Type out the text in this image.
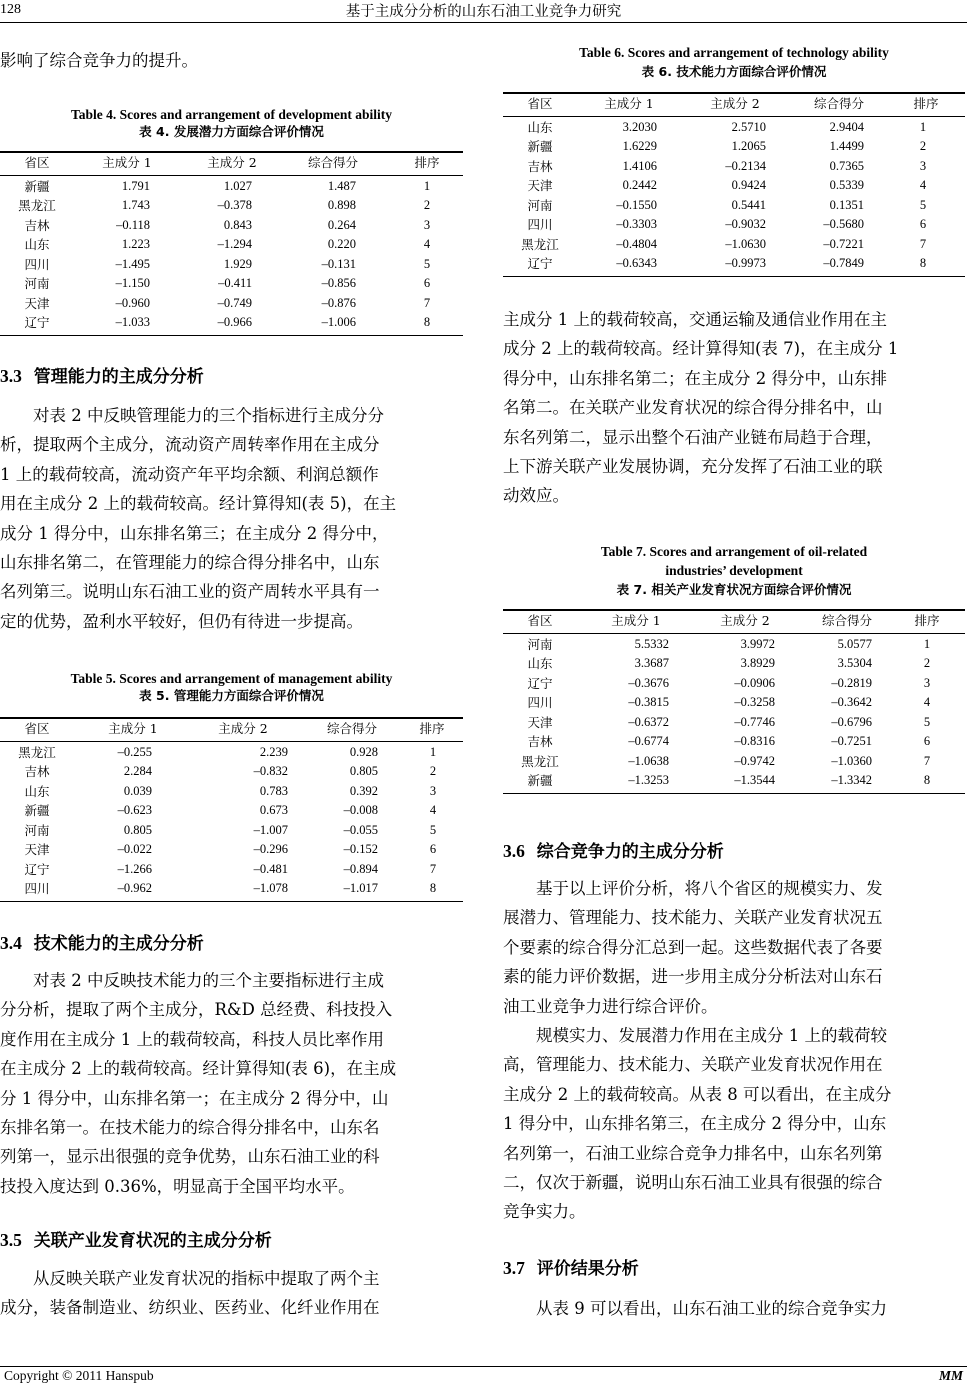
128	基于主成分分析的山东石油工业竞争力研究
影响了综合竞争力的提升。
Table 4. Scores and arrangement of development ability
表 4. 发展潜力方面综合评价情况
省区	主成分 1	主成分 2	综合得分	排序
新疆	1.791	1.027	1.487	1
黑龙江	1.743	–0.378	0.898	2
吉林	–0.118	0.843	0.264	3
山东	1.223	–1.294	0.220	4
四川	–1.495	1.929	–0.131	5
河南	–1.150	–0.411	–0.856	6
天津	–0.960	–0.749	–0.876	7
辽宁	–1.033	–0.966	–1.006	8
3.3 管理能力的主成分分析
对表 2 中反映管理能力的三个指标进行主成分分
析，提取两个主成分，流动资产周转率作用在主成分
1 上的载荷较高，流动资产年平均余额、利润总额作
用在主成分 2 上的载荷较高。经计算得知(表 5)，在主
成分 1 得分中，山东排名第三；在主成分 2 得分中，
山东排名第二，在管理能力的综合得分排名中，山东
名列第三。说明山东石油工业的资产周转水平具有一
定的优势，盈利水平较好，但仍有待进一步提高。
Table 5. Scores and arrangement of management ability
表 5. 管理能力方面综合评价情况
省区	主成分 1	主成分 2	综合得分	排序
黑龙江	–0.255	2.239	0.928	1
吉林	2.284	–0.832	0.805	2
山东	0.039	0.783	0.392	3
新疆	–0.623	0.673	–0.008	4
河南	0.805	–1.007	–0.055	5
天津	–0.022	–0.296	–0.152	6
辽宁	–1.266	–0.481	–0.894	7
四川	–0.962	–1.078	–1.017	8
3.4 技术能力的主成分分析
对表 2 中反映技术能力的三个主要指标进行主成
分分析，提取了两个主成分，R&D 总经费、科技投入
度作用在主成分 1 上的载荷较高，科技人员比率作用
在主成分 2 上的载荷较高。经计算得知(表 6)，在主成
分 1 得分中，山东排名第一；在主成分 2 得分中，山
东排名第一。在技术能力的综合得分排名中，山东名
列第一，显示出很强的竞争优势，山东石油工业的科
技投入度达到 0.36%，明显高于全国平均水平。
3.5 关联产业发育状况的主成分分析
从反映关联产业发育状况的指标中提取了两个主
成分，装备制造业、纺织业、医药业、化纤业作用在
Table 6. Scores and arrangement of technology ability
表 6. 技术能力方面综合评价情况
省区	主成分 1	主成分 2	综合得分	排序
山东	3.2030	2.5710	2.9404	1
新疆	1.6229	1.2065	1.4499	2
吉林	1.4106	–0.2134	0.7365	3
天津	0.2442	0.9424	0.5339	4
河南	–0.1550	0.5441	0.1351	5
四川	–0.3303	–0.9032	–0.5680	6
黑龙江	–0.4804	–1.0630	–0.7221	7
辽宁	–0.6343	–0.9973	–0.7849	8
主成分 1 上的载荷较高，交通运输及通信业作用在主
成分 2 上的载荷较高。经计算得知(表 7)，在主成分 1
得分中，山东排名第二；在主成分 2 得分中，山东排
名第二。在关联产业发育状况的综合得分排名中，山
东名列第二，显示出整个石油产业链布局趋于合理，
上下游关联产业发展协调，充分发挥了石油工业的联
动效应。
Table 7. Scores and arrangement of oil-related
industries’ development
表 7. 相关产业发育状况方面综合评价情况
省区	主成分 1	主成分 2	综合得分	排序
河南	5.5332	3.9972	5.0577	1
山东	3.3687	3.8929	3.5304	2
辽宁	–0.3676	–0.0906	–0.2819	3
四川	–0.3815	–0.3258	–0.3642	4
天津	–0.6372	–0.7746	–0.6796	5
吉林	–0.6774	–0.8316	–0.7251	6
黑龙江	–1.0638	–0.9742	–1.0360	7
新疆	–1.3253	–1.3544	–1.3342	8
3.6 综合竞争力的主成分分析
基于以上评价分析，将八个省区的规模实力、发
展潜力、管理能力、技术能力、关联产业发育状况五
个要素的综合得分汇总到一起。这些数据代表了各要
素的能力评价数据，进一步用主成分分析法对山东石
油工业竞争力进行综合评价。
规模实力、发展潜力作用在主成分 1 上的载荷较
高，管理能力、技术能力、关联产业发育状况作用在
主成分 2 上的载荷较高。从表 8 可以看出，在主成分
1 得分中，山东排名第三，在主成分 2 得分中，山东
名列第一，石油工业综合竞争力排名中，山东名列第
二，仅次于新疆，说明山东石油工业具有很强的综合
竞争实力。
3.7 评价结果分析
从表 9 可以看出，山东石油工业的综合竞争实力
Copyright © 2011 Hanspub	MM
